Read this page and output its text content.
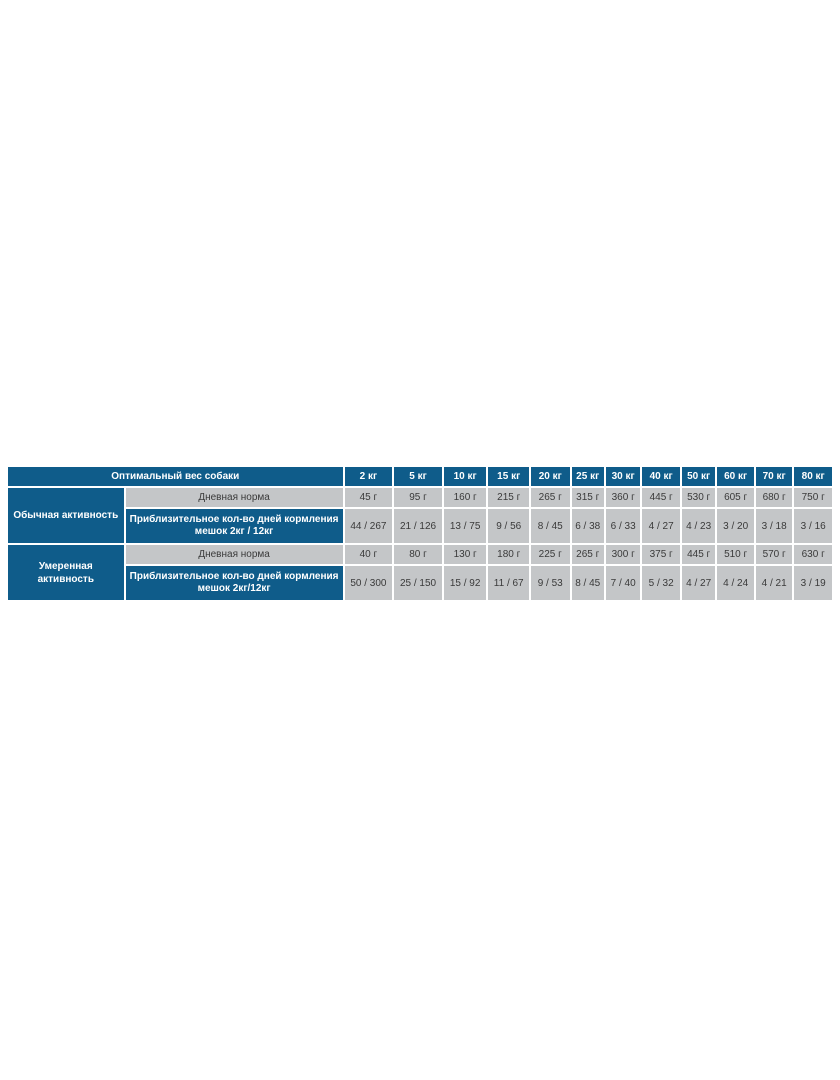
Оптимальный вес собаки		2 кг	5 кг	10 кг	15 кг	20 кг	25 кг	30 кг	40 кг	50 кг	60 кг	70 кг	80 кг
Обычная активность	Дневная норма	45 г	95 г	160 г	215 г	265 г	315 г	360 г	445 г	530 г	605 г	680 г	750 г
	Приблизительное кол-во дней кормления мешок 2кг / 12кг	44 / 267	21 / 126	13 / 75	9 / 56	8 / 45	6 / 38	6 / 33	4 / 27	4 / 23	3 / 20	3 / 18	3 / 16
Умеренная активность	Дневная норма	40 г	80 г	130 г	180 г	225 г	265 г	300 г	375 г	445 г	510 г	570 г	630 г
	Приблизительное кол-во дней кормления мешок 2кг/12кг	50 / 300	25 / 150	15 / 92	11 / 67	9 / 53	8 / 45	7 / 40	5 / 32	4 / 27	4 / 24	4 / 21	3 / 19
